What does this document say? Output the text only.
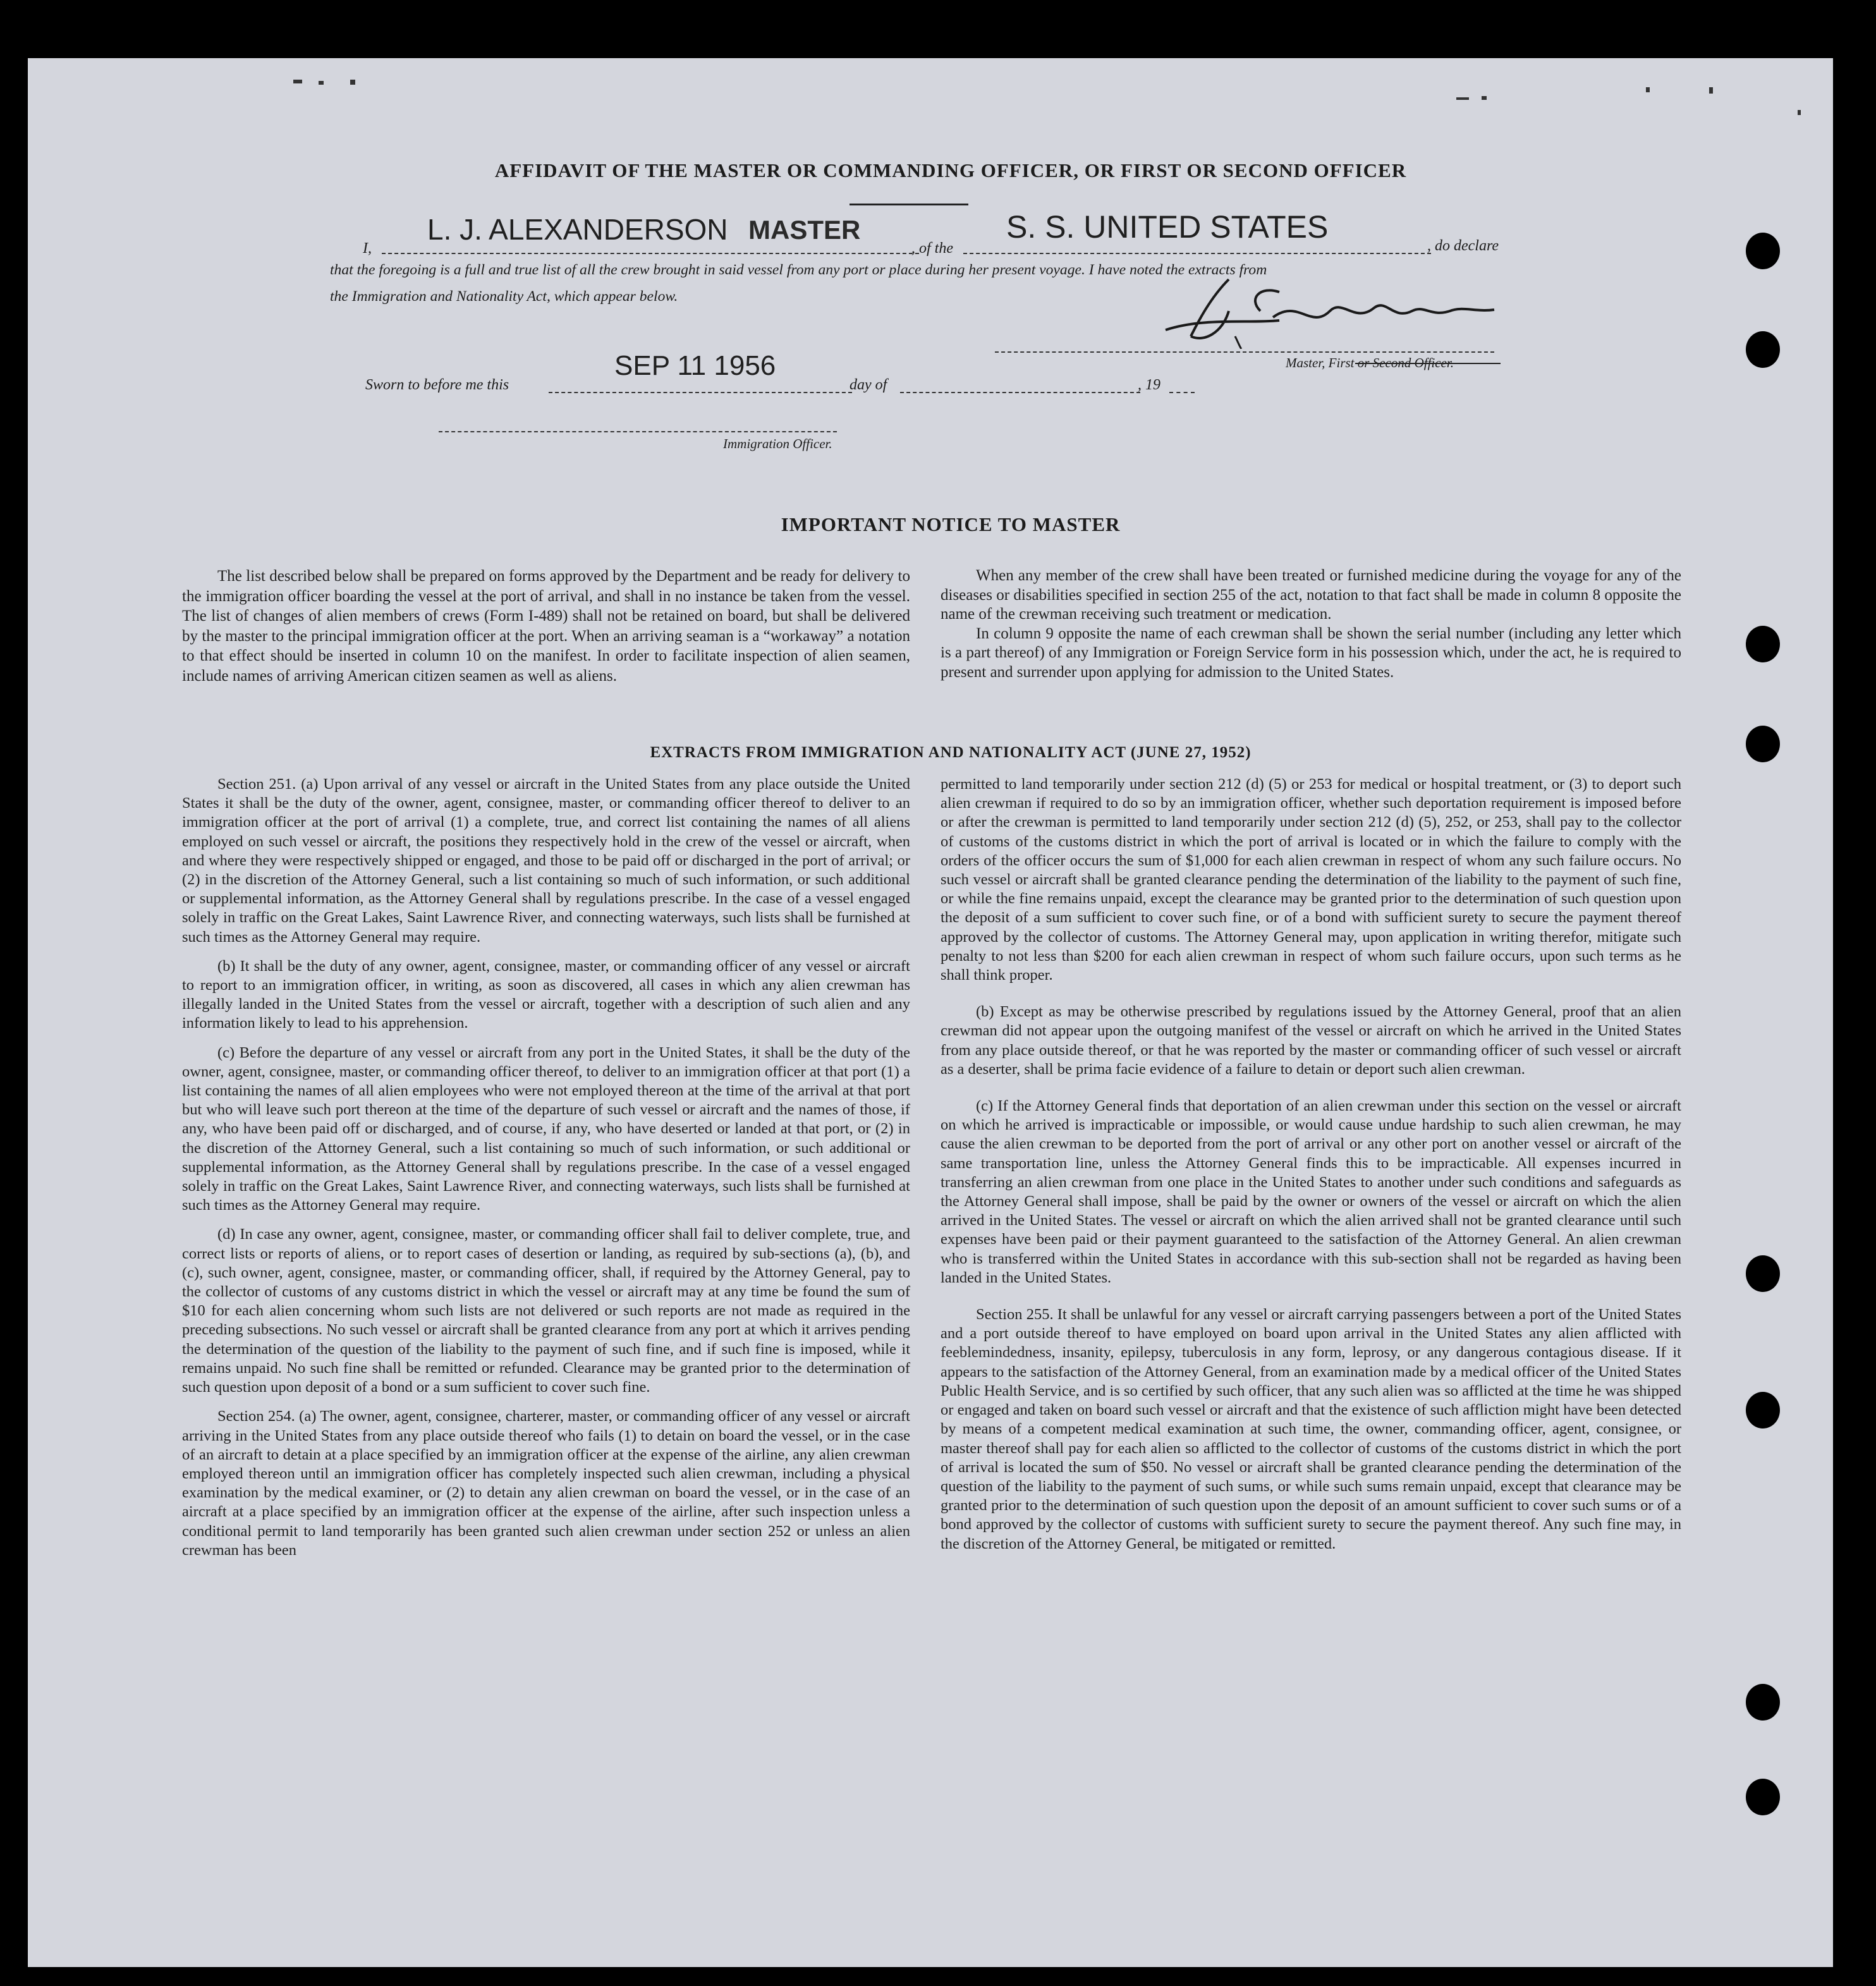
AFFIDAVIT OF THE MASTER OR COMMANDING OFFICER, OR FIRST OR SECOND OFFICER
I,
L. J. ALEXANDERSON MASTER
, of the
S. S. UNITED STATES
, do declare
that the foregoing is a full and true list of all the crew brought in said vessel from any port or place during her present voyage. I have noted the extracts from
the Immigration and Nationality Act, which appear below.
Master, First or Second Officer.
Sworn to before me this
SEP 11 1956
day of	, 19
Immigration Officer.
IMPORTANT NOTICE TO MASTER

The list described below shall be prepared on forms approved by the Department and be ready for delivery to the immigration officer boarding the vessel at the port of arrival, and shall in no instance be taken from the vessel. The list of changes of alien members of crews (Form I-489) shall not be retained on board, but shall be delivered by the master to the principal immigration officer at the port. When an arriving seaman is a “workaway” a notation to that effect should be inserted in column 10 on the manifest. In order to facilitate inspection of alien seamen, include names of arriving American citizen seamen as well as aliens.

When any member of the crew shall have been treated or furnished medicine during the voyage for any of the diseases or disabilities specified in section 255 of the act, notation to that fact shall be made in column 8 opposite the name of the crewman receiving such treatment or medication.

In column 9 opposite the name of each crewman shall be shown the serial number (including any letter which is a part thereof) of any Immigration or Foreign Service form in his possession which, under the act, he is required to present and surrender upon applying for admission to the United States.

EXTRACTS FROM IMMIGRATION AND NATIONALITY ACT (JUNE 27, 1952)

Section 251. (a) Upon arrival of any vessel or aircraft in the United States from any place outside the United States it shall be the duty of the owner, agent, consignee, master, or commanding officer thereof to deliver to an immigration officer at the port of arrival (1) a complete, true, and correct list containing the names of all aliens employed on such vessel or aircraft, the positions they respectively hold in the crew of the vessel or aircraft, when and where they were respectively shipped or engaged, and those to be paid off or discharged in the port of arrival; or (2) in the discretion of the Attorney General, such a list containing so much of such information, or such additional or supplemental information, as the Attorney General shall by regulations prescribe. In the case of a vessel engaged solely in traffic on the Great Lakes, Saint Lawrence River, and connecting waterways, such lists shall be furnished at such times as the Attorney General may require.

(b) It shall be the duty of any owner, agent, consignee, master, or commanding officer of any vessel or aircraft to report to an immigration officer, in writing, as soon as discovered, all cases in which any alien crewman has illegally landed in the United States from the vessel or aircraft, together with a description of such alien and any information likely to lead to his apprehension.

(c) Before the departure of any vessel or aircraft from any port in the United States, it shall be the duty of the owner, agent, consignee, master, or commanding officer thereof, to deliver to an immigration officer at that port (1) a list containing the names of all alien employees who were not employed thereon at the time of the arrival at that port but who will leave such port thereon at the time of the departure of such vessel or aircraft and the names of those, if any, who have been paid off or discharged, and of course, if any, who have deserted or landed at that port, or (2) in the discretion of the Attorney General, such a list containing so much of such information, or such additional or supplemental information, as the Attorney General shall by regulations prescribe. In the case of a vessel engaged solely in traffic on the Great Lakes, Saint Lawrence River, and connecting waterways, such lists shall be furnished at such times as the Attorney General may require.

(d) In case any owner, agent, consignee, master, or commanding officer shall fail to deliver complete, true, and correct lists or reports of aliens, or to report cases of desertion or landing, as required by sub-sections (a), (b), and (c), such owner, agent, consignee, master, or commanding officer, shall, if required by the Attorney General, pay to the collector of customs of any customs district in which the vessel or aircraft may at any time be found the sum of $10 for each alien concerning whom such lists are not delivered or such reports are not made as required in the preceding subsections. No such vessel or aircraft shall be granted clearance from any port at which it arrives pending the determination of the question of the liability to the payment of such fine, and if such fine is imposed, while it remains unpaid. No such fine shall be remitted or refunded. Clearance may be granted prior to the determination of such question upon deposit of a bond or a sum sufficient to cover such fine.

Section 254. (a) The owner, agent, consignee, charterer, master, or commanding officer of any vessel or aircraft arriving in the United States from any place outside thereof who fails (1) to detain on board the vessel, or in the case of an aircraft to detain at a place specified by an immigration officer at the expense of the airline, any alien crewman employed thereon until an immigration officer has completely inspected such alien crewman, including a physical examination by the medical examiner, or (2) to detain any alien crewman on board the vessel, or in the case of an aircraft at a place specified by an immigration officer at the expense of the airline, after such inspection unless a conditional permit to land temporarily has been granted such alien crewman under section 252 or unless an alien crewman has been

permitted to land temporarily under section 212 (d) (5) or 253 for medical or hospital treatment, or (3) to deport such alien crewman if required to do so by an immigration officer, whether such deportation requirement is imposed before or after the crewman is permitted to land temporarily under section 212 (d) (5), 252, or 253, shall pay to the collector of customs of the customs district in which the port of arrival is located or in which the failure to comply with the orders of the officer occurs the sum of $1,000 for each alien crewman in respect of whom any such failure occurs. No such vessel or aircraft shall be granted clearance pending the determination of the liability to the payment of such fine, or while the fine remains unpaid, except the clearance may be granted prior to the determination of such question upon the deposit of a sum sufficient to cover such fine, or of a bond with sufficient surety to secure the payment thereof approved by the collector of customs. The Attorney General may, upon application in writing therefor, mitigate such penalty to not less than $200 for each alien crewman in respect of whom such failure occurs, upon such terms as he shall think proper.

(b) Except as may be otherwise prescribed by regulations issued by the Attorney General, proof that an alien crewman did not appear upon the outgoing manifest of the vessel or aircraft on which he arrived in the United States from any place outside thereof, or that he was reported by the master or commanding officer of such vessel or aircraft as a deserter, shall be prima facie evidence of a failure to detain or deport such alien crewman.

(c) If the Attorney General finds that deportation of an alien crewman under this section on the vessel or aircraft on which he arrived is impracticable or impossible, or would cause undue hardship to such alien crewman, he may cause the alien crewman to be deported from the port of arrival or any other port on another vessel or aircraft of the same transportation line, unless the Attorney General finds this to be impracticable. All expenses incurred in transferring an alien crewman from one place in the United States to another under such conditions and safeguards as the Attorney General shall impose, shall be paid by the owner or owners of the vessel or aircraft on which the alien arrived in the United States. The vessel or aircraft on which the alien arrived shall not be granted clearance until such expenses have been paid or their payment guaranteed to the satisfaction of the Attorney General. An alien crewman who is transferred within the United States in accordance with this sub-section shall not be regarded as having been landed in the United States.

Section 255. It shall be unlawful for any vessel or aircraft carrying passengers between a port of the United States and a port outside thereof to have employed on board upon arrival in the United States any alien afflicted with feeblemindedness, insanity, epilepsy, tuberculosis in any form, leprosy, or any dangerous contagious disease. If it appears to the satisfaction of the Attorney General, from an examination made by a medical officer of the United States Public Health Service, and is so certified by such officer, that any such alien was so afflicted at the time he was shipped or engaged and taken on board such vessel or aircraft and that the existence of such affliction might have been detected by means of a competent medical examination at such time, the owner, commanding officer, agent, consignee, or master thereof shall pay for each alien so afflicted to the collector of customs of the customs district in which the port of arrival is located the sum of $50. No vessel or aircraft shall be granted clearance pending the determination of the question of the liability to the payment of such sums, or while such sums remain unpaid, except that clearance may be granted prior to the determination of such question upon the deposit of an amount sufficient to cover such sums or of a bond approved by the collector of customs with sufficient surety to secure the payment thereof. Any such fine may, in the discretion of the Attorney General, be mitigated or remitted.
